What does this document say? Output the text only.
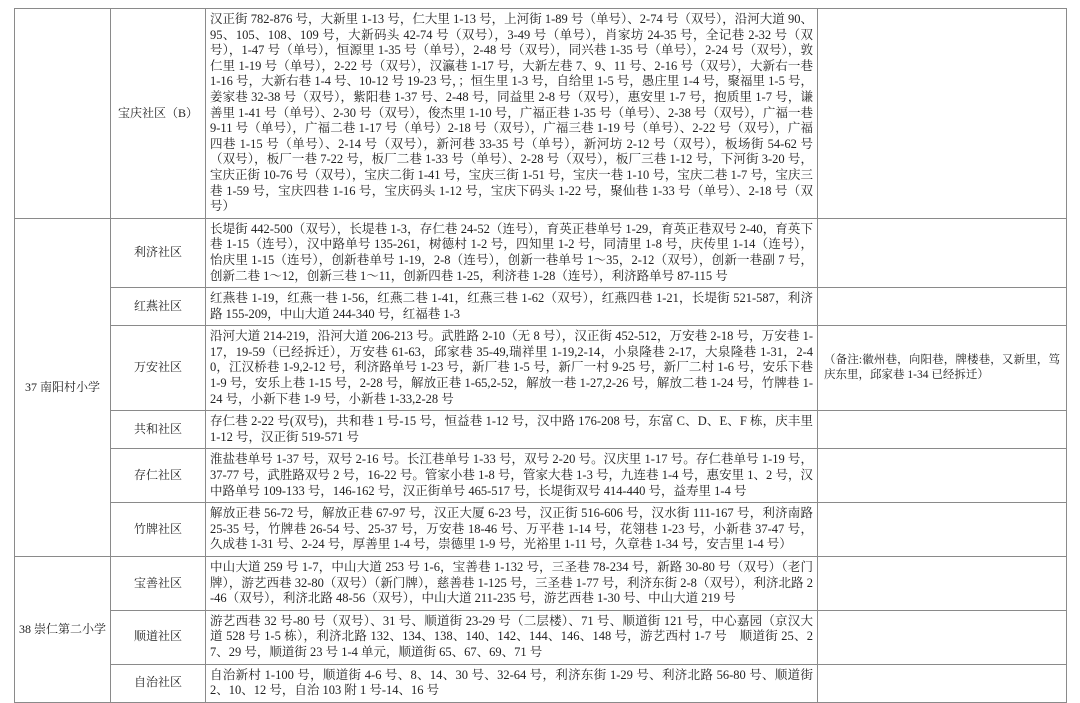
	宝庆社区（B）	汉正街 782-876 号，大新里 1-13 号，仁大里 1-13 号，上河街 1-89 号（单号）、2-74 号（双号），沿河大道 90、95、105、108、109 号，大新码头 42-74 号（双号），3-49 号（单号），肖家坊 24-35 号，全记巷 2-32 号（双号），1-47 号（单号），恒源里 1-35 号（单号），2-48 号（双号），同兴巷 1-35 号（单号），2-24 号（双号），敦仁里 1-19 号（单号），2-22 号（双号），汉瀛巷 1-17 号，大新左巷 7、9、11 号、2-16 号（双号），大新右一巷 1-16 号，大新右巷 1-4 号、10-12 号 19-23 号，；恒生里 1-3 号，自给里 1-5 号，愚庄里 1-4 号，聚福里 1-5 号，姜家巷 32-38 号（双号），紫阳巷 1-37 号、2-48 号，同益里 2-8 号（双号），惠安里 1-7 号，抱质里 1-7 号，谦善里 1-41 号（单号）、2-30 号（双号），俊杰里 1-10 号，广福正巷 1-35 号（单号）、2-38 号（双号），广福一巷 9-11 号（单号），广福二巷 1-17 号（单号）2-18 号（双号），广福三巷 1-19 号（单号）、2-22 号（双号），广福四巷 1-15 号（单号）、2-14 号（双号），新河巷 33-35 号（单号），新河坊 2-12 号（双号），板场街 54-62 号（双号），板厂一巷 7-22 号，板厂二巷 1-33 号（单号）、2-28 号（双号），板厂三巷 1-12 号，下河街 3-20 号，宝庆正街 10-76 号（双号），宝庆二街 1-41 号，宝庆三街 1-51 号，宝庆一巷 1-10 号，宝庆二巷 1-7 号，宝庆三巷 1-59 号，宝庆四巷 1-16 号，宝庆码头 1-12 号，宝庆下码头 1-22 号，聚仙巷 1-33 号（单号）、2-18 号（双号）	
37 南阳村小学	利济社区	长堤街 442-500（双号），长堤巷 1-3，存仁巷 24-52（连号），育英正巷单号 1-29，育英正巷双号 2-40，育英下巷 1-15（连号），汉中路单号 135-261，树德村 1-2 号，四知里 1-2 号，同清里 1-8 号，庆传里 1-14（连号），怡庆里 1-15（连号），创新巷单号 1-19，2-8（连号），创新一巷单号 1～35，2-12（双号），创新一巷副 7 号，创新二巷 1～12，创新三巷 1～11，创新四巷 1-25，利济巷 1-28（连号），利济路单号 87-115 号	
	红燕社区	红燕巷 1-19，红燕一巷 1-56，红燕二巷 1-41，红燕三巷 1-62（双号），红燕四巷 1-21，长堤街 521-587，利济路 155-209，中山大道 244-340 号，红福巷 1-3	
	万安社区	沿河大道 214-219，沿河大道 206-213 号。武胜路 2-10（无 8 号），汉正街 452-512，万安巷 2-18 号，万安巷 1-17，19-59（已经拆迁），万安巷 61-63，邱家巷 35-49,瑞祥里 1-19,2-14，小泉隆巷 2-17，大泉隆巷 1-31，2-40，江汉桥巷 1-9,2-12 号，利济路单号 1-23 号，新厂巷 1-5 号，新厂一村 9-25 号，新厂二村 1-6 号，安乐下巷 1-9 号，安乐上巷 1-15 号，2-28 号，解放正巷 1-65,2-52，解放一巷 1-27,2-26 号，解放二巷 1-24 号，竹牌巷 1-24 号，小新下巷 1-9 号，小新巷 1-33,2-28 号	（备注:徽州巷，向阳巷，牌楼巷，又新里，笃庆东里，邱家巷 1-34 已经拆迁）
	共和社区	存仁巷 2-22 号(双号)，共和巷 1 号-15 号，恒益巷 1-12 号，汉中路 176-208 号，东富 C、D、E、F 栋，庆丰里 1-12 号，汉正街 519-571 号	
	存仁社区	淮盐巷单号 1-37 号，双号 2-16 号。长江巷单号 1-33 号，双号 2-20 号。汉庆里 1-17 号。存仁巷单号 1-19 号，37-77 号，武胜路双号 2 号，16-22 号。管家小巷 1-8 号，管家大巷 1-3 号，九连巷 1-4 号，惠安里 1、2 号，汉中路单号 109-133 号，146-162 号，汉正街单号 465-517 号，长堤街双号 414-440 号，益寿里 1-4 号	
	竹牌社区	解放正巷 56-72 号，解放正巷 67-97 号，汉正大厦 6-23 号，汉正街 516-606 号，汉水街 111-167 号，利济南路 25-35 号，竹牌巷 26-54 号、25-37 号，万安巷 18-46 号、万平巷 1-14 号，花翎巷 1-23 号，小新巷 37-47 号，久成巷 1-31 号、2-24 号，厚善里 1-4 号，崇德里 1-9 号，光裕里 1-11 号，久章巷 1-34 号，安吉里 1-4 号）	
38 崇仁第二小学	宝善社区	中山大道 259 号 1-7，中山大道 253 号 1-6，宝善巷 1-132 号，三圣巷 78-234 号，新路 30-80 号（双号）（老门牌），游艺西巷 32-80（双号）（新门牌），慈善巷 1-125 号，三圣巷 1-77 号，利济东街 2-8（双号），利济北路 2-46（双号），利济北路 48-56（双号），中山大道 211-235 号，游艺西巷 1-30 号、中山大道 219 号	
	顺道社区	游艺西巷 32 号-80 号（双号）、31 号、顺道街 23-29 号（二层楼）、71 号、顺道街 121 号，中心嘉园（京汉大道 528 号 1-5 栋），利济北路 132、134、138、140、142、144、146、148 号，游艺西村 1-7 号　顺道街 25、27、29 号，顺道街 23 号 1-4 单元，顺道街 65、67、69、71 号	
	自治社区	自治新村 1-100 号，顺道街 4-6 号、8、14、30 号、32-64 号，利济东街 1-29 号、利济北路 56-80 号、顺道街 2、10、12 号，自治 103 附 1 号-14、16 号	
